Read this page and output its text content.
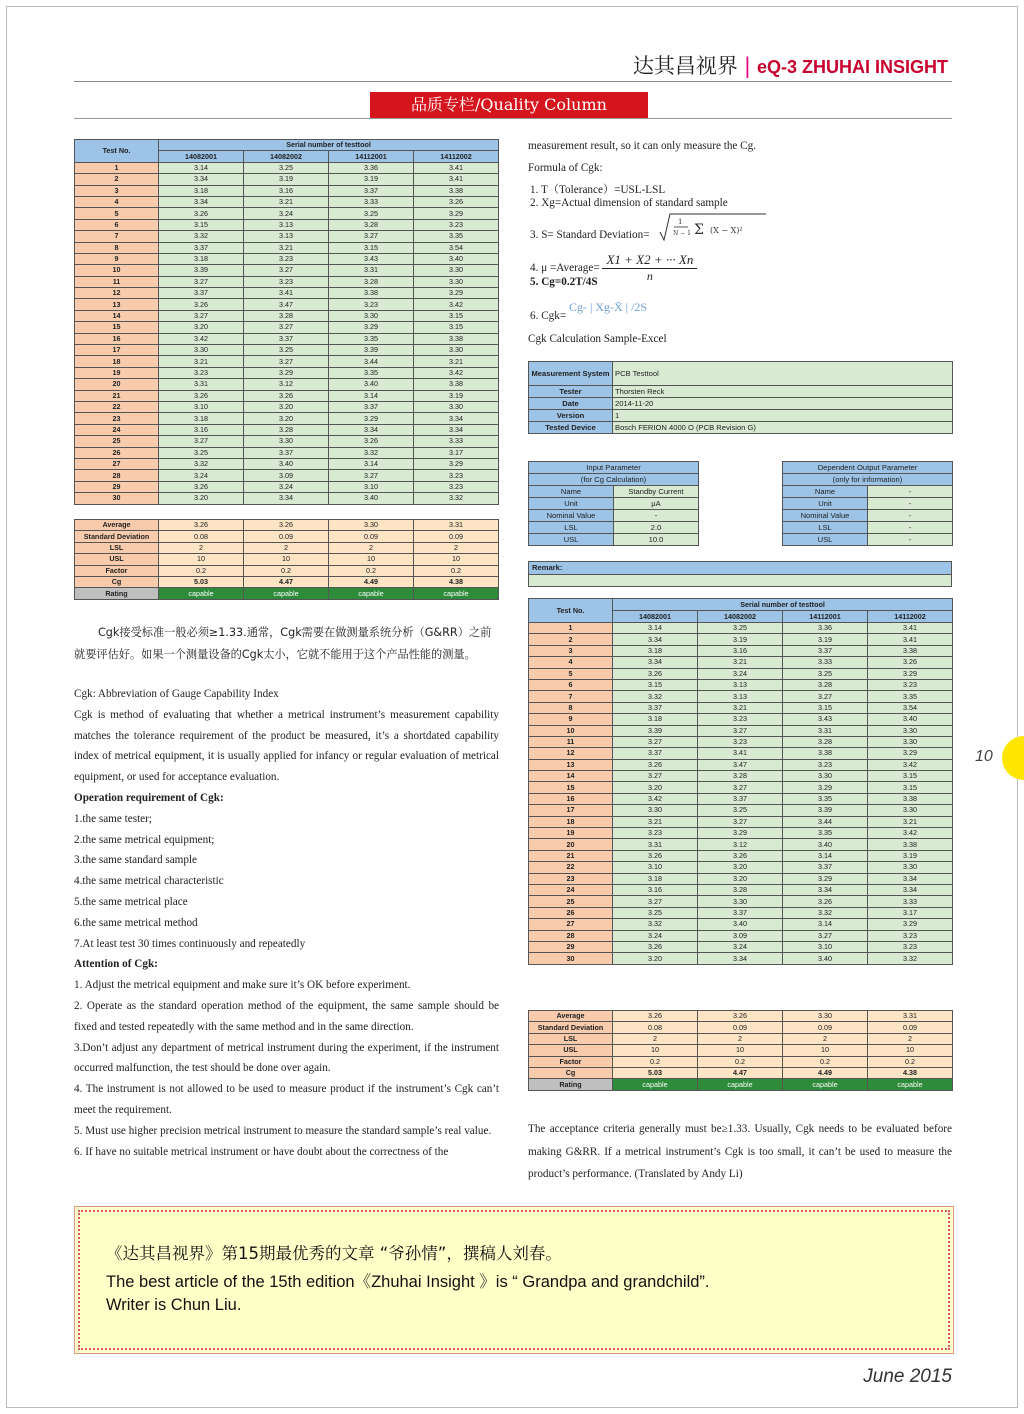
达其昌视界 | eQ-3 ZHUHAI INSIGHT
品质专栏/Quality Column
10
Test No.	Serial number of testtool			
	14082001	14082002	14112001	14112002
1	3.14	3.25	3.36	3.41
2	3.34	3.19	3.19	3.41
3	3.18	3.16	3.37	3.38
4	3.34	3.21	3.33	3.26
5	3.26	3.24	3.25	3.29
6	3.15	3.13	3.28	3.23
7	3.32	3.13	3.27	3.35
8	3.37	3.21	3.15	3.54
9	3.18	3.23	3.43	3.40
10	3.39	3.27	3.31	3.30
11	3.27	3.23	3.28	3.30
12	3.37	3.41	3.38	3.29
13	3.26	3.47	3.23	3.42
14	3.27	3.28	3.30	3.15
15	3.20	3.27	3.29	3.15
16	3.42	3.37	3.35	3.38
17	3.30	3.25	3.39	3.30
18	3.21	3.27	3.44	3.21
19	3.23	3.29	3.35	3.42
20	3.31	3.12	3.40	3.38
21	3.26	3.26	3.14	3.19
22	3.10	3.20	3.37	3.30
23	3.18	3.20	3.29	3.34
24	3.16	3.28	3.34	3.34
25	3.27	3.30	3.26	3.33
26	3.25	3.37	3.32	3.17
27	3.32	3.40	3.14	3.29
28	3.24	3.09	3.27	3.23
29	3.26	3.24	3.10	3.23
30	3.20	3.34	3.40	3.32
Average	3.26	3.26	3.30	3.31
Standard Deviation	0.08	0.09	0.09	0.09
LSL	2	2	2	2
USL	10	10	10	10
Factor	0.2	0.2	0.2	0.2
Cg	5.03	4.47	4.49	4.38
Rating	capable	capable	capable	capable
Cgk接受标准一般必须≥1.33.通常，Cgk需要在做测量系统分析（G&RR）之前
就要评估好。如果一个测量设备的Cgk太小，它就不能用于这个产品性能的测量。

Cgk: Abbreviation of Gauge Capability Index

Cgk is method of evaluating that whether a metrical instrument’s measurement capability matches the tolerance requirement of the product be measured, it’s a shortdated capability index of metrical equipment, it is usually applied for infancy or regular evaluation of metrical equipment, or used for acceptance evaluation.

Operation requirement of Cgk:

1.the same tester;

2.the same metrical equipment;

3.the same standard sample

4.the same metrical characteristic

5.the same metrical place

6.the same metrical method

7.At least test 30 times continuously and repeatedly

Attention of Cgk:

1. Adjust the metrical equipment and make sure it’s OK before experiment.

2. Operate as the standard operation method of the equipment, the same sample should be fixed and tested repeatedly with the same method and in the same direction.

3.Don’t adjust any department of metrical instrument during the experiment, if the instrument occurred malfunction, the test should be done over again.

4. The instrument is not allowed to be used to measure product if the instrument’s Cgk can’t meet the requirement.

5. Must use higher precision metrical instrument to measure the standard sample’s real value.

6. If have no suitable metrical instrument or have doubt about the correctness of the

measurement result, so it can only measure the Cg.
Formula of Cgk:
1. T（Tolerance）=USL-LSL
2. Xg=Actual dimension of standard sample
3. S= Standard Deviation=
1
N − 1 Σ (X − X)²
4. μ =Average= $\frac{X1 + X2 + \cdot\cdot\cdot Xn}{n}$
5. Cg=0.2T/4S
6. Cgk= Cg- | Xg-X̄ | /2S
Cgk Calculation Sample-Excel
Measurement System	PCB Testtool
Tester	Thorsten Reck
Date	2014-11-20
Version	1
Tested Device	Bosch FERION 4000 O (PCB Revision G)
Input Parameter	
(for Cg Calculation)	
Name	Standby Current
Unit	μA
Nominal Value	-
LSL	2.0
USL	10.0
Dependent Output Parameter	
(only for information)	
Name	-
Unit	-
Nominal Value	-
LSL	-
USL	-
Remark:
Test No.	Serial number of testtool			
	14082001	14082002	14112001	14112002
1	3.14	3.25	3.36	3.41
2	3.34	3.19	3.19	3.41
3	3.18	3.16	3.37	3.38
4	3.34	3.21	3.33	3.26
5	3.26	3.24	3.25	3.29
6	3.15	3.13	3.28	3.23
7	3.32	3.13	3.27	3.35
8	3.37	3.21	3.15	3.54
9	3.18	3.23	3.43	3.40
10	3.39	3.27	3.31	3.30
11	3.27	3.23	3.28	3.30
12	3.37	3.41	3.38	3.29
13	3.26	3.47	3.23	3.42
14	3.27	3.28	3.30	3.15
15	3.20	3.27	3.29	3.15
16	3.42	3.37	3.35	3.38
17	3.30	3.25	3.39	3.30
18	3.21	3.27	3.44	3.21
19	3.23	3.29	3.35	3.42
20	3.31	3.12	3.40	3.38
21	3.26	3.26	3.14	3.19
22	3.10	3.20	3.37	3.30
23	3.18	3.20	3.29	3.34
24	3.16	3.28	3.34	3.34
25	3.27	3.30	3.26	3.33
26	3.25	3.37	3.32	3.17
27	3.32	3.40	3.14	3.29
28	3.24	3.09	3.27	3.23
29	3.26	3.24	3.10	3.23
30	3.20	3.34	3.40	3.32
Average	3.26	3.26	3.30	3.31
Standard Deviation	0.08	0.09	0.09	0.09
LSL	2	2	2	2
USL	10	10	10	10
Factor	0.2	0.2	0.2	0.2
Cg	5.03	4.47	4.49	4.38
Rating	capable	capable	capable	capable
The acceptance criteria generally must be≥1.33. Usually, Cgk needs to be evaluated before making G&RR. If a metrical instrument’s Cgk is too small, it can’t be used to measure the product’s performance. (Translated by Andy Li)
《达其昌视界》第15期最优秀的文章 “爷孙情”，撰稿人刘春。
The best article of the 15th edition《Zhuhai Insight 》is “ Grandpa and grandchild”.
Writer is Chun Liu.
June 2015
